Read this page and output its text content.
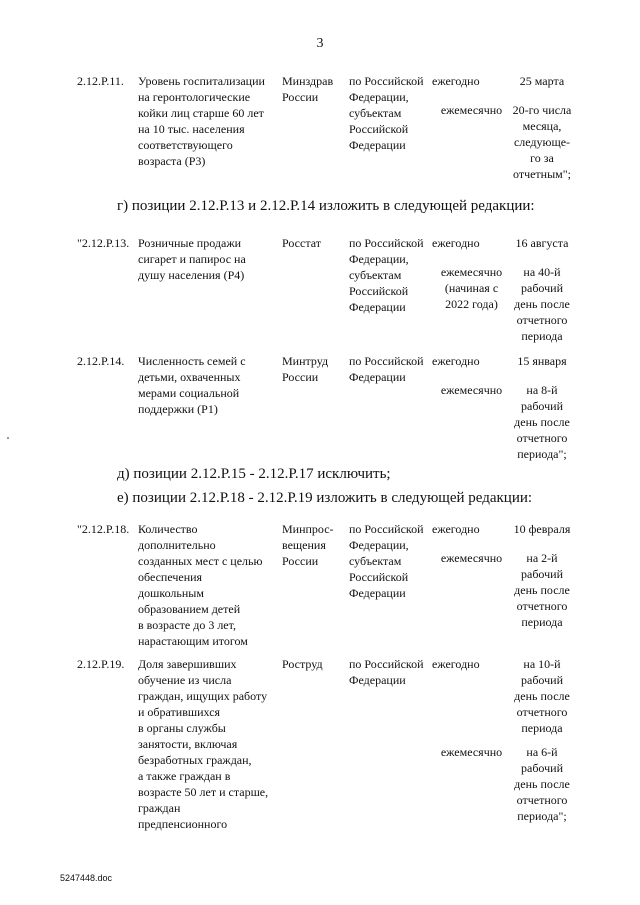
3
2.12.P.11. Уровень госпитализации
на геронтологические
койки лиц старше 60 лет
на 10 тыс. населения
соответствующего
возраста (Р3)
Минздрав
России
по Российской
Федерации,
субъектам
Российской
Федерации
ежегодно
ежемесячно
25 марта
20-го числа
месяца,
следующе-
го за
отчетным";
"2.12.P.13. Розничные продажи
сигарет и папирос на
душу населения (Р4)
Росстат по Российской
Федерации,
субъектам
Российской
Федерации
ежегодно
ежемесячно
(начиная с
2022 года)
16 августа
на 40-й
рабочий
день после
отчетного
периода
2.12.P.14. Численность семей с
детьми, охваченных
мерами социальной
поддержки (Р1)
Минтруд
России
по Российской
Федерации
ежегодно
ежемесячно
15 января
на 8-й
рабочий
день после
отчетного
периода";
"2.12.P.18. Количество
дополнительно
созданных мест с целью
обеспечения
дошкольным
образованием детей
в возрасте до 3 лет,
нарастающим итогом
Минпрос-
вещения
России
по Российской
Федерации,
субъектам
Российской
Федерации
ежегодно
ежемесячно
10 февраля
на 2-й
рабочий
день после
отчетного
периода
2.12.P.19. Доля завершивших
обучение из числа
граждан, ищущих работу
и обратившихся
в органы службы
занятости, включая
безработных граждан,
а также граждан в
возрасте 50 лет и старше,
граждан
предпенсионного
Роструд по Российской
Федерации
ежегодно
ежемесячно
на 10-й
рабочий
день после
отчетного
периода
на 6-й
рабочий
день после
отчетного
периода";
г) позиции 2.12.Р.13 и 2.12.Р.14 изложить в следующей редакции:
д) позиции 2.12.Р.15 - 2.12.Р.17 исключить;
е) позиции 2.12.Р.18 - 2.12.Р.19 изложить в следующей редакции:
5247448.doc
